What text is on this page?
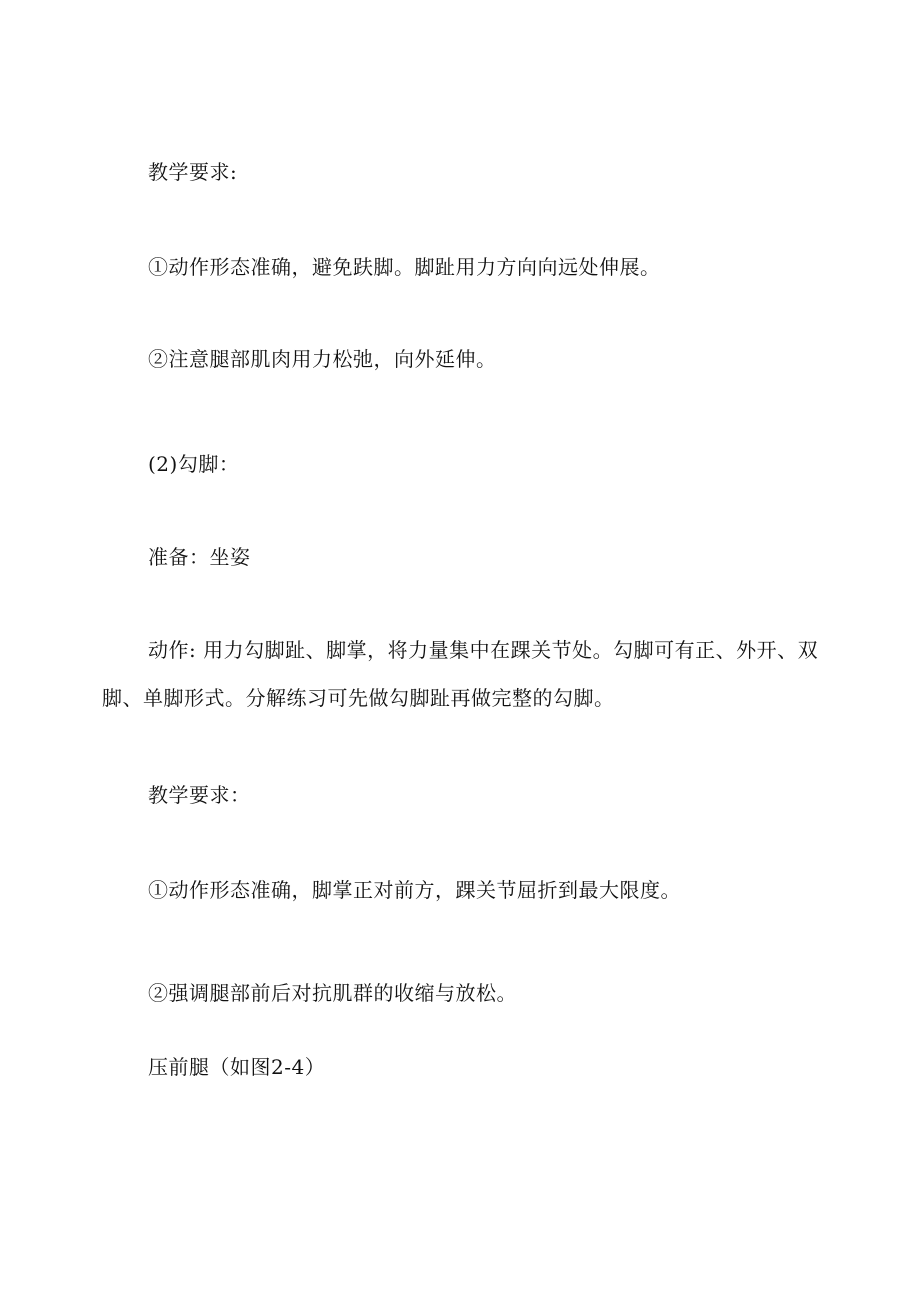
教学要求:
①动作形态准确，避免趺脚。脚趾用力方向向远处伸展。
②注意腿部肌肉用力松弛，向外延伸。
(2)勾脚：
准备：坐姿
动作: 用力勾脚趾、脚掌，将力量集中在踝关节处。勾脚可有正、外开、双脚、单脚形式。分解练习可先做勾脚趾再做完整的勾脚。
教学要求：
①动作形态准确，脚掌正对前方，踝关节屈折到最大限度。
②强调腿部前后对抗肌群的收缩与放松。
压前腿（如图2-4）
